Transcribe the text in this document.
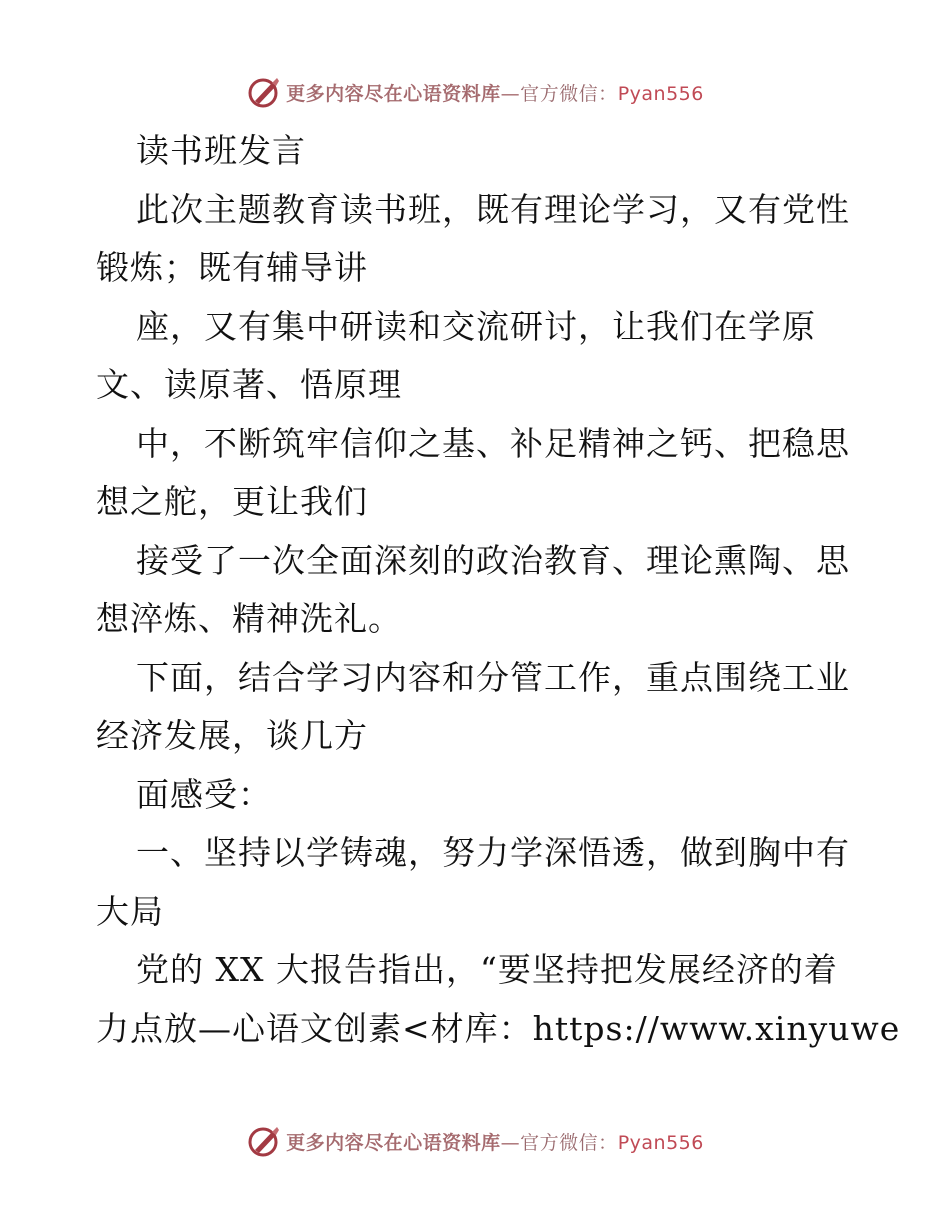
更多内容尽在心语资料库—官方微信：Pyan556
读书班发言
此次主题教育读书班，既有理论学习，又有党性
锻炼；既有辅导讲
座，又有集中研读和交流研讨，让我们在学原
文、读原著、悟原理
中，不断筑牢信仰之基、补足精神之钙、把稳思
想之舵，更让我们
接受了一次全面深刻的政治教育、理论熏陶、思
想淬炼、精神洗礼。
下面，结合学习内容和分管工作，重点围绕工业
经济发展，谈几方
面感受：
一、坚持以学铸魂，努力学深悟透，做到胸中有
大局
党的 XX 大报告指出，“要坚持把发展经济的着
力点放—心语文创素<材库：https://www.xinyuwe
更多内容尽在心语资料库—官方微信：Pyan556
